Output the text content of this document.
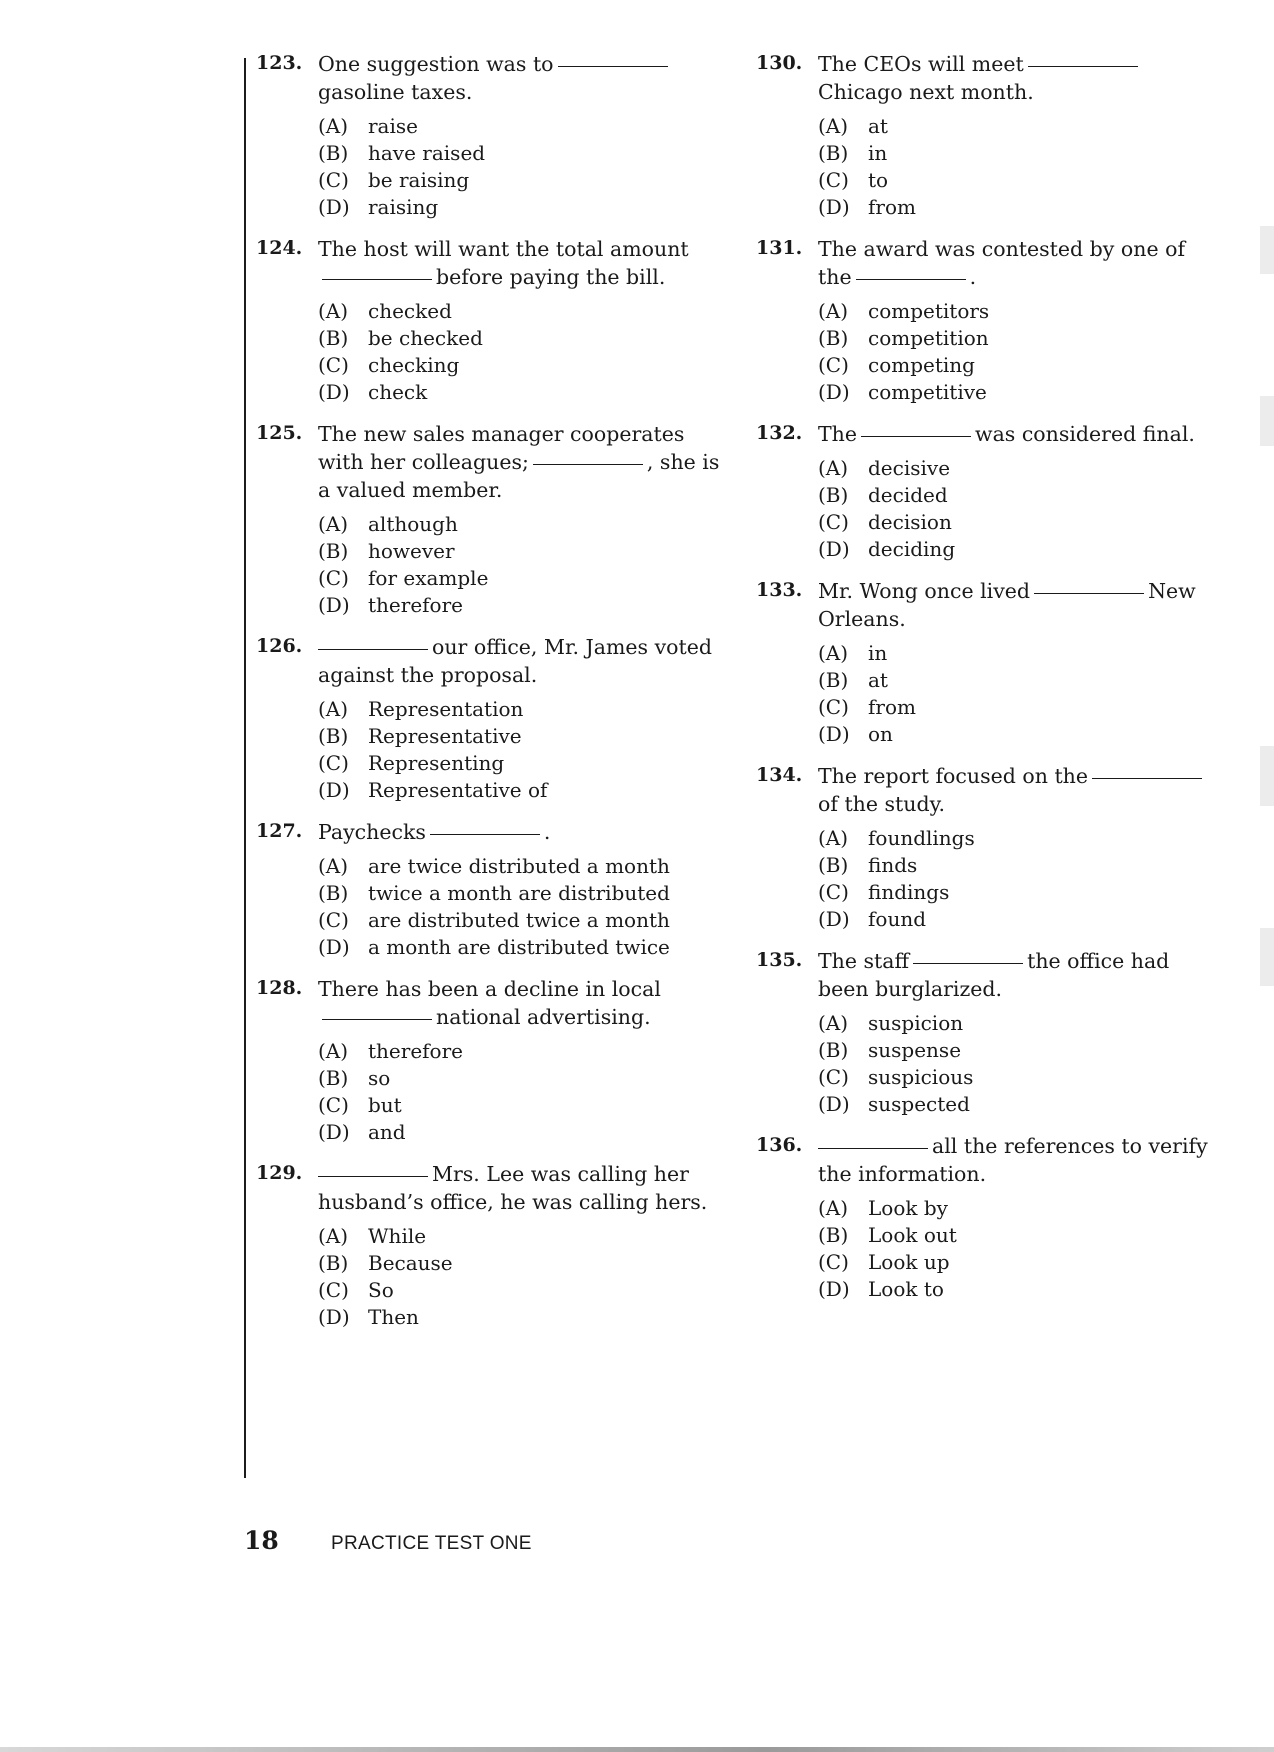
123. One suggestion was togasoline taxes.

(A) raise
(B) have raised
(C) be raising
(D) raising
124. The host will want the total amountbefore paying the bill.

(A) checked
(B) be checked
(C) checking
(D) check
125. The new sales manager cooperates with her colleagues;	, she is a valued member.

(A) although
(B) however
(C) for example
(D) therefore
126.	our office, Mr. James voted against the proposal.

(A) Representation
(B) Representative
(C) Representing
(D) Representative of
127. Paychecks	.

(A) are twice distributed a month
(B) twice a month are distributed
(C) are distributed twice a month
(D) a month are distributed twice
128. There has been a decline in localnational advertising.

(A) therefore
(B) so
(C) but
(D) and
129.	Mrs. Lee was calling her husband’s office, he was calling hers.

(A) While
(B) Because
(C) So
(D) Then
130. The CEOs will meetChicago next month.

(A) at
(B) in
(C) to
(D) from
131. The award was contested by one of the	.

(A) competitors
(B) competition
(C) competing
(D) competitive
132. The	was considered final.

(A) decisive
(B) decided
(C) decision
(D) deciding
133. Mr. Wong once lived	New Orleans.

(A) in
(B) at
(C) from
(D) on
134. The report focused on theof the study.

(A) foundlings
(B) finds
(C) findings
(D) found
135. The staff	the office had been burglarized.

(A) suspicion
(B) suspense
(C) suspicious
(D) suspected
136.	all the references to verify the information.

(A) Look by
(B) Look out
(C) Look up
(D) Look to
18	PRACTICE TEST ONE
